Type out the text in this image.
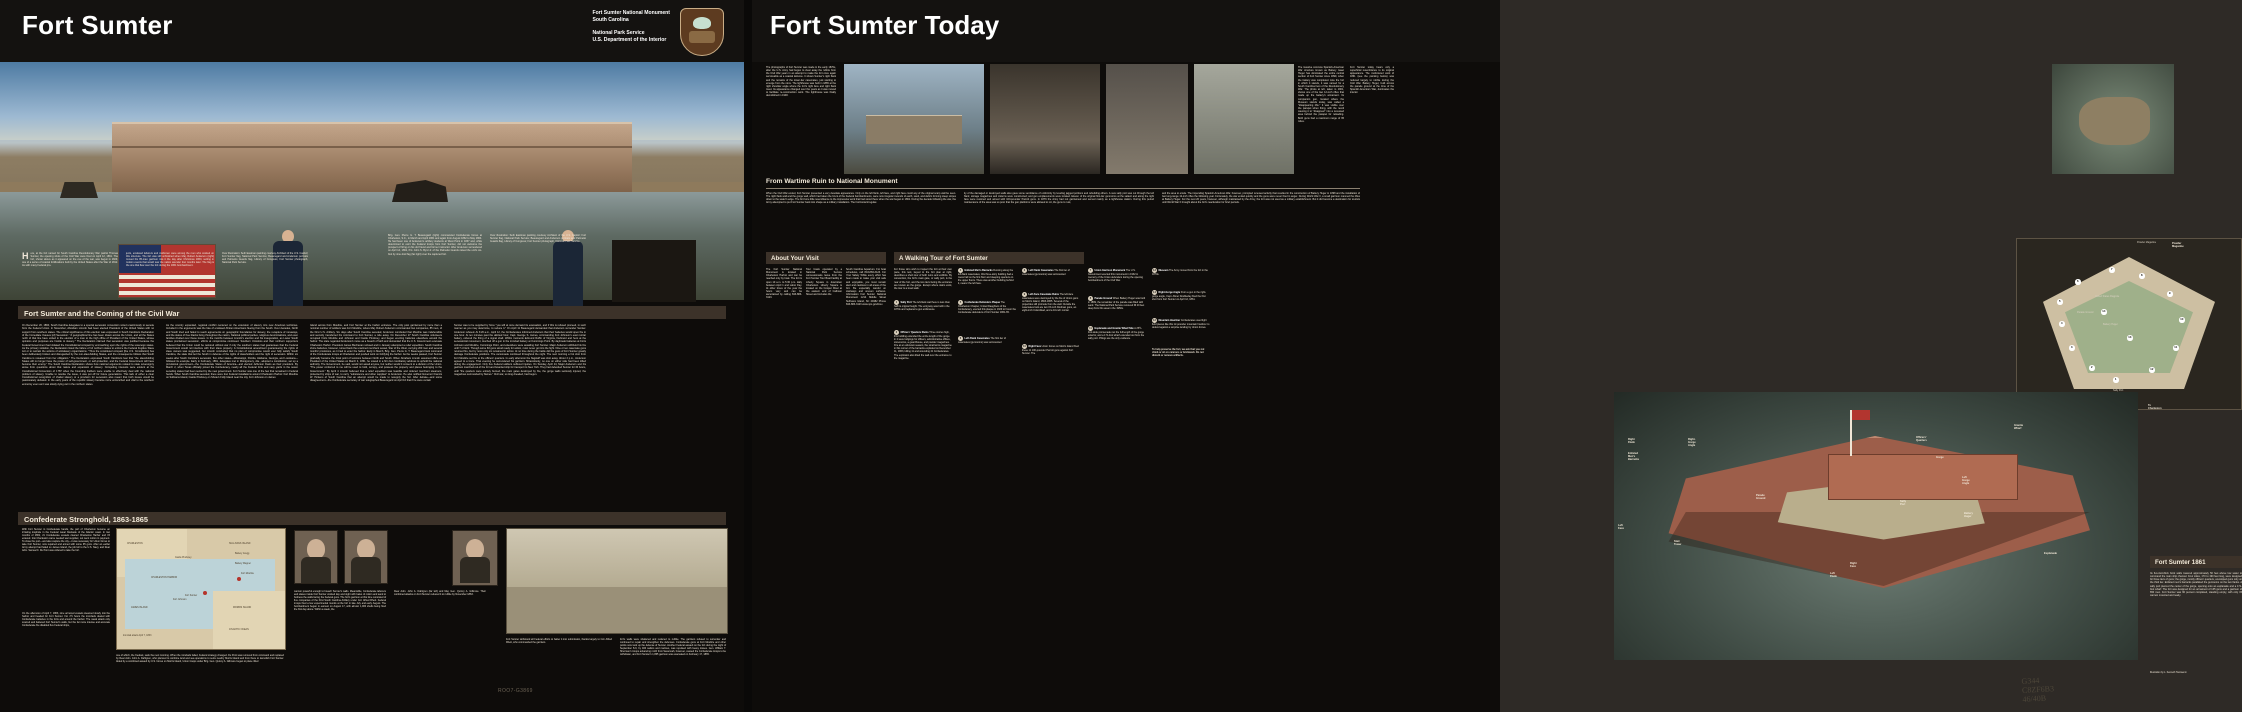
Fort Sumter	Fort Sumter National Monument
South Carolina
National Park Service
U.S. Department of the Interior
Here, at the fort named for South Carolina Revolutionary War patriot Thomas Sumter, the opening shots of the Civil War were fired on April 12, 1861. The fort, shown above as it appeared on the eve of the war, was begun in 1829, one of a series of coastal fortifications built by the United States after the War of 1812. As with many Federal pro-
jects, enslaved laborers and craftsmen were among the men who worked on this structure. The fort was still unfinished when Maj. Robert Anderson (right) moved his 85-man garrison into it the day after Christmas 1860, setting in motion events that would tear the nation asunder four months later. The flag is the one that flew over the fort during the 1861 bombardment.
Over illustration: Seth Eastman painting courtesy Architect of the U.S. Capitol; Fort Sumter flag, National Park Service; Beauregard and Anderson portraits and Palmetto Guards flag, Library of Congress; Fort Sumter photograph, National Park Service.
Brig. Gen. Pierre G. T. Beauregard (right) commanded Confederate forces at Charleston, S.C., in March and April 1861 and again from August 1862 to May 1864. He had been one of Anderson's artillery students at West Point in 1837 and, while determined to evict the Federal troops from Fort Sumter, did not welcome the prospect of firing on his old friend and former instructor. After Anderson surrendered on April 14, 1861, Pvt. John S. Byrd Jr. of the Palmetto Guards raised the unit's six-foot by nine-foot flag (far right) over the captured fort.
Over illustration: Seth Eastman painting courtesy Architect of the U.S. Capitol; Fort Sumter flag, National Park Service; Beauregard and Anderson portraits and Palmetto Guards flag, Library of Congress; Fort Sumter photograph, National Park Service.
Fort Sumter and the Coming of the Civil War
On December 20, 1860, South Carolina delegates to a special secession convention voted unanimously to secede from the Federal Union. In November, Abraham Lincoln had been elected President of the United States with no support from southern states. The critical significance of this election was expressed in South Carolina's Declaration of the Immediate Causes [of] Secession: "A geographical line has been drawn across the Union, and all the States north of that line have united in the election of a man to the high office of President of the United States, whose opinions and purposes are hostile to slavery." The Declaration claimed that secession was justified because the Federal Government had violated the Constitutional compact by encroaching upon the rights of the sovereign states. As the primary violation, the Declaration listed the failure of 14 northern states to enforce the Federal Fugitive Slave Act or to restrain the actions of antislavery organizations. "Thus the constituted compact [the U.S. Constitution] has been deliberately broken and disregarded by the non-slaveholding States, and the consequence follows that South Carolina is released from her obligation." The Declaration expressed South Carolina's fear that "the slaveholding States will no longer have the power of self-government, or self-protection, and the Federal Government will have become their enemy." The South Carolina Declaration shows how national arguments related to state sovereignty arose from questions about that nature and expansion of slavery. Competing interests were evident at the Constitutional Convention of 1787 when the Founding Fathers were unable to effectively deal with the national problem of slavery. Unable to resolve the issue, it was put off for future generations. This lack of either a clear Constitutional recognition of chattel slavery or a provision for secession also meant that both issues would be passionately debated. In the early years of the republic slavery became more entrenched and vital to the southern economy even as it was slowly dying out in the northern states.
As the country expanded, regional conflict centered on the extension of slavery into new American territories. Included in the arguments was the fate of enslaved African Americans fleeing from the South. Over decades, North and South tried and failed to reach agreements on geographic boundaries for slavery, the recapture of runaways, and the status of free blacks living throughout the nation, National political parties, religious denominations, and even families divided over these issues. In the months between Lincoln's election and his inauguration, as Lower South states proclaimed secession, efforts at compromise continued. Southern Unionists and their northern supporters believed that the Union could be restored without war if only the southern states had guarantees that the Federal Government would not interfere with their slave property. A Constitutional amendment guaranteeing the rights of slave owners was suggested, but Lincoln concluded that no plan of compromise would ever fully satisfy South Carolina, the state that led the South in defense of the rights of slaveholders and the right of secession. Within six weeks after South Carolina's secession, five other states—Mississippi, Florida, Alabama, Georgia, and Louisiana—followed its example. Early in February, 1861, delegates met in Montgomery, Ala., adopted a constitution, set up a provisional government—the Confederate States of America—and elected Jefferson Davis as their president. By March 2, when Texas officially joined the Confederacy, nearly all the Federal forts and navy yards in the seven seceding states had been seized by the new government. Fort Sumter was one of the few that remained in Federal hands. When South Carolina seceded, there were four Federal installations around Charleston Harbor: Fort Moultrie on Sullivans Island, Castle Pinckney on Shute's Folly Island near the city, Fort Johnson on James
Island across from Moultrie, and Fort Sumter at the harbor entrance. The only post garrisoned by more than a nominal number of soldiers was Fort Moultrie, where Maj. Robert Anderson commanded two companies, 85 men, of the First U.S. Artillery. Six days after South Carolina seceded, Anderson concluded that Moultrie was indefensible and secretly transferred his command to Fort Sumter, a mile away. On December 27 South Carolina volunteers occupied Forts Moultrie and Johnson and Castle Pinckney, and began erecting batteries elsewhere around the harbor. The state regarded Anderson's move as a breach of faith and demanded that the U.S. Government evacuate Charleston Harbor. President James Buchanan refused and in January attempted a relief expedition. South Carolina shore batteries, however, turned back the unarmed merchant vessel, Star of the West, carrying 200 men and several months' provisions, as it tried to enter the harbor. Early in March, Brig. Gen. Pierre G. T. Beauregard took command of the Confederate troops at Charleston and pushed work on fortifying the harbor. As the weeks passed, Fort Sumter gradually became the focal point of tensions between North and South. When Abraham Lincoln assumed office as President of the United States on March 4, 1861, he vowed in a firm but conciliatory address to uphold the national authority. The Government, he said, would not assail anyone, but neither would it consent to a division of the Union. "The power conferred to me will be used to hold, occupy, and possess the property and places belonging to the Government." By April 4 Lincoln believed that a relief expedition was feasible and ordered merchant steamers, protected by ships of war, to carry "subsistence and other supplies" to Anderson. He also notified Governor Francis W. Pickens of South Carolina that an attempt would be made to resupply the fort. After debate—and some disagreement—the Confederate secretary of war telegraphed Beauregard on April 10 that if he were certain
Sumter was to be supplied by force "you will at once demand its evacuation, and if this is refused proceed, in such manner as you may determine, to reduce it." On April 11 Beauregard demanded that Anderson surrender Sumter. Anderson refused. At 3:20 a.m., April 12, the Confederates informed Anderson that their batteries would open fire in one hour. At ten minutes past the allotted hour, Capt. George S. James, commanding Fort Johnson's east mortar battery, ordered the firing of a signal shell. Within moments Edmund Ruffin of Virginia, firebrand and hero at the secessionist movement, touched off a gun in the ironclad battery at Cummings Point. By daybreak batteries at Forts Johnson and Moultrie, Cummings Point, and elsewhere were assailing Fort Sumter. Major Anderson withheld his fire until 7 o'clock. Though some 60 guns stood ready for action, most never got into the fight. Nine or ten casemate guns returned fire, but by noon only six remained in action. At no time during the battle did the guns of Fort Sumter greatly damage Confederate positions. The cannonade continued throughout the night. The next morning a hot shot from Fort Moultrie set fire to the officers' quarters. In early afternoon the flagstaff was shot away. About 2 p.m., Anderson agreed to a truce. That evening he surrendered his garrison. Miraculously, no one on either side had been killed during the engagement. Only five Federal soldiers suffered injuries. On Sunday, April 14, Major Anderson and his garrison marched out of the fort and boarded ship for transport to New York. They had defended Sumter for 34 hours, until "the quarters were entirely burned, the main gates destroyed by fire, the gorge walls seriously injured, the magazines surrounded by flames." Civil war, so long dreaded, had begun.
Confederate Stronghold, 1863-1865
With Fort Sumter in Confederate hands, the port of Charleston became an irritating loophole in the Federal naval blockade of the Atlantic coast. In two months of 1862, 21 Confederate vessels cleared Charleston Harbor and 15 entered. Into Charleston came needed war supplies; out went cotton in payment. To close the port—and also capture the city—it was necessary for Union forces to take Fort Sumter, now repaired and armed with some 95 guns. After an earlier Army attempt had failed on James Island, the job fell to the U.S. Navy, and Rear Adm. Samuel F. Du Pont was ordered to take the fort.
On the afternoon of April 7, 1863, nine armored vessels steamed slowly into the harbor and headed for Fort Sumter. For 2½ hours the ironclads dueled with Confederate batteries in the forts and around the harbor. The naval attack only scarred and battered Fort Sumter's walls, but the far more intense and accurate Confederate fire disabled five Federal ships,
CHARLESTON
Castle Pinckney
Battery Gregg
Battery Wagner
CHARLESTON HARBOR
Fort Moultrie
SULLIVANS ISLAND
MORRIS ISLAND
JAMES ISLAND
Fort Johnson
ATLANTIC OCEAN
Fort Sumter
Ironclad attack April 7, 1863
one of which, the Keokuk, sank the next morning. When the ironclads failed, Federal strategy changed. Du Pont was removed from command and replaced by Rear Adm. John A. Dahlgren, who planned to combine land and sea operations to seize nearby Morris Island and from there to demolish Fort Sumter. Aided by a combined assault by U.S. forces on Morris Island, Union troops under Brig. Gen. Quincy A. Gillmore began to place rifled
cannon powerful enough to breach Sumter's walls. Meanwhile, Confederate laborers and slaves inside Fort Sumter worked day and night with bales of cotton and sand to buttress the walls facing the Federal guns. The fort's garrison at this time consisted of five companies of the First South Carolina Artillery under Col. Alfred Rhett. Federal troops fired a few experimental rounds at the fort in late July and early August. The bombardment began in earnest on August 17, with almost 1,000 shells being fired the first day alone. Within a week, the
Rear Adm. John A. Dahlgren (far left) and Maj. Gen. Quincy A. Gillmore. Their combined attacks on Fort Sumter reduced it to rubble by November 1863.
Fort Sumter withstood all Federal efforts to batter it into submission, thanks largely to Col. Alfred Rhett, who commanded the garrison.
fort's walls were shattered and reduced to rubble. The garrison refused to surrender and continued to repair and strengthen the defenses. Confederate guns at Fort Moultrie and other points now took up the defense of Sumter. Another Federal assault on the fort during the night of September 8-9, by 400 sailors and marines, was repulsed with heavy losses. Gen. William T. Sherman's troops advancing north from Savannah, however, caused the Confederate troops to be withdrawn, and Fort Sumter's 1,865 garrison was evacuated on February 17, 1865.
ROO7-G3869
Fort Sumter Today
The photographs of Fort Sumter was made in the early 1870s, after the U.S. Army had begun to clear away the rubble from the Civil War years in an attempt to make the fort once again serviceable as a coastal defense. It shows Sumter's right flank and the remains of the lower-tier casemates, just starting to emerge from the ruins. The lighthouse was built in 1865 at the right shoulder angle where the fort's right face and right flank meet. Its appearance changed over the years as it was moved to facilitate re-construction work. The lighthouse was finally demolished in 1948.
The massive concrete Spanish-American War structure known as Battery Isaac Huger has dominated the entire central section of Fort Sumter since 1899, when the battery was completed. Like the fort in which it stands, it was named for a South Carolina hero of the Revolutionary War. The photo at left, taken in 1901, shows one of the two 12-inch rifles that made up the battery's armament. Its companion gun, located where the Museum stands today, was called a "disappearing rifle." It was visible over the parapet when firing, with the recoil causing it to "disappear" into a recessed area behind the parapet for reloading. Both guns had a maximum range of 95 miles.
Fort Sumter today bears only a superficial resemblance to its original appearance. The multi-tiered work of 1861 (see the painting below) was reduced largely to rubble during the Civil War. Battery Huger, built across the parade ground at the time of the Spanish-American War, dominates the interior.
From Wartime Ruin to National Monument
When the Civil War ended, Fort Sumter presented a very desolate appearance. Only on the left flank, left face, and right face could any of the original scarp wall be seen. The right flank wall and the gorge wall, which had taken the brunt of the Federal bombardments, were now irregular mounds of earth, sand, and debris forming steep slopes down to the water's edge. The fort bore little resemblance to the impressive work that had stood there when the war began in 1861. During the decade following the war, the Army attempted to put Fort Sumter back into shape as a military installation. The horizontal irregular-
ity of the damaged or destroyed walls also gave some semblance of uniformity by leveling jagged portions and rebuilding others. A new sally port was cut through the left flank; storage magazines and cisterns were constructed; and gun emplacements were located. Eleven of the original first-tier gunrooms at the salient and along the right face were restored and armed with 100-pounder Parrott guns. In 1876 the Army had not garrisoned and served mainly as a lighthouse station. During this period maintenance of the area was so poor that the gun platforms were allowed to rot, the guns to rust,
and the area to erode. The impending Spanish-American War, however, prompted renewed activity that resulted in the construction of Battery Huger in 1898 and the installation of two long-range 12-inch rifles the following year. Fortunately, the war ended quickly and the guns were never fired in anger. During World War II, a small garrison manned the rifles at Battery Huger. For the next 20 years, however, although maintained by the Army, the fort was not used as a military establishment. But it did become a destination for tourists until World War II brought about the fort's reactivation for brief periods.
About Your Visit
The Fort Sumter National Monument is located in Charleston Harbor and can be reached only by boat. The fort is open 10 a.m. to 5:30 p.m. daily between April 1 and Labor Day. At other times of the year the hours vary and can be ascertained by calling 843-883-3123.
Tour boats operated by a National Park Service concessionaire leave from the Fort Sumter Tour Boat Facility at Liberty Square in downtown Charleston. Liberty Square is located on the Cooper River at the eastern end of Calhoun Street and includes the
South Carolina Aquarium. For boat schedules, call 843-883-3123. For Your Safety While every effort has been made to make your visit safe and enjoyable, you must remain alert and cautious in all areas of the fort. Be especially careful on stairways and uneven surfaces. Information Fort Sumter National Monument 1214 Middle Street Sullivans Island, SC 29482 Phone 843-883-3123 www.nps.gov/fosu
A Walking Tour of Fort Sumter
For those who wish to inspect the fort at their own pace, this text, keyed to the fort plan at right, describes a short tour of both ruins and exhibits. By convention, the fort's main gate, or sally port, is the rear of the fort, and the two tiers facing the entrance are known as the gorge. Except where stairs exist, the tour is a level walk.
1 Sally Port The left-flank wall here is less than half its original height. The entryway was built in the 1870s and replaced a gun embrasure.
2 Officers' Quarters Ruins Three stories high, this building extended the entire length of the gorge. In it were lodgings for officers, administrative offices, storerooms, a guardhouse, and powder magazines. Fire at an unknown season, the small arms magazine in this corner of the barracks exploded on December 11, 1863, killing 11 and wounding 41 Confederates. The explosion also tilted the wall over the entrance to the magazine.
4 Enlisted Men's Barracks Running along the left-flank casemates, this three-story building had a mess hall on the first floor and sleeping quarters on the upper floors. There was another building behind it, nearer the left face.
5 Confederate Defenders Plaque The Charleston Chapter, United Daughters of the Confederacy, erected this plaque in 1929 to honor the Confederate defenders of Fort Sumter 1861-65.
6 Left-Flank Casemates The first tier of casemates (gunrooms) was surmounted
3 Left Flank Casemates The first tier of casemates (gunrooms) was surmounted
9 Left-Face Casemate Ruins The left-face casemates were destroyed by the fire of Union guns on Morris Island, 1863-1865. Several of the projectiles still protrude from the wall. Outside the casemates look are two 15-inch Rodman guns, an eight-inch Columbiad, and a 10-inch mortar.
10 Right Face Union forces on Morris Island fired these 11 100-pounder Parrott guns against Fort Sumter. The
7 Union Garrison Monument The U.S. Government erected this monument in 1932 in memory of the Union defenders during the opening bombardment of the Civil War.
8 Parade Ground When Battery Huger was built in 1899, the remainder of the parade was filled with sand. The National Park Service removed fill 20 feet deep from this area in the 1950s.
11 Esplanade and Granite Wharf Site A 25½-foot-wide promenade ran the full length of the gorge exterior, and a 171-foot wharf extended out from the sally port. Pilings are the only evidence.
13 Museum The Army moved from the fort in the 1870s.
14 Right-Gorge Angle From a gun in the right-gorge angle, Capt. Abner Doubleday fired the first shot from Fort Sumter on April 12, 1861.
12 Mountain Howitzer Confederates used light field pieces like this 12-pounder mountain howitzer to defend against a surprise landing by Union forces.
To help preserve the fort, we ask that you not climb or sit on cannons or brickwork. Do not disturb or remove artifacts.
1
2
3
4
5
6
7
8
9
10
11
12
13
14
Powder Magazine
United States Flagpole
Battery Huger
Parade Ground
Sally Port
Right Flank
Enlisted Men's Barracks
Left Face
Right-Gorge Angle
Right Face
Parade Ground
Officers' Quarters
Gorge
Sally Port
Granite Wharf
Left Gorge Angle
Stair Tower
Left Flank
Esplanade
Battery Huger
Powder Magazine
To Charleston
Fort Sumter 1861
Its five-foot-thick brick walls towered approximately 50 feet above low water to command the main ship channel. Four sides, 170 to 190 feet long, were designed for three tiers of guns; the gorge, mostly officers' quarters, enveloped guns only on the third tier. Enlisted men's barracks paralleled the gunrooms on the two flanks. A sally port pierced the center of the gorge, opening onto an esplanade and a 171-foot wharf. The fort was designed for an armament of 135 guns and a garrison of 650 men. Fort Sumter was 90 percent completed, standing empty, with only 15 cannon mounted and ready.
Illustration by L. Kenneth Townsend.
G344 C8ZF6B3 46/40B
